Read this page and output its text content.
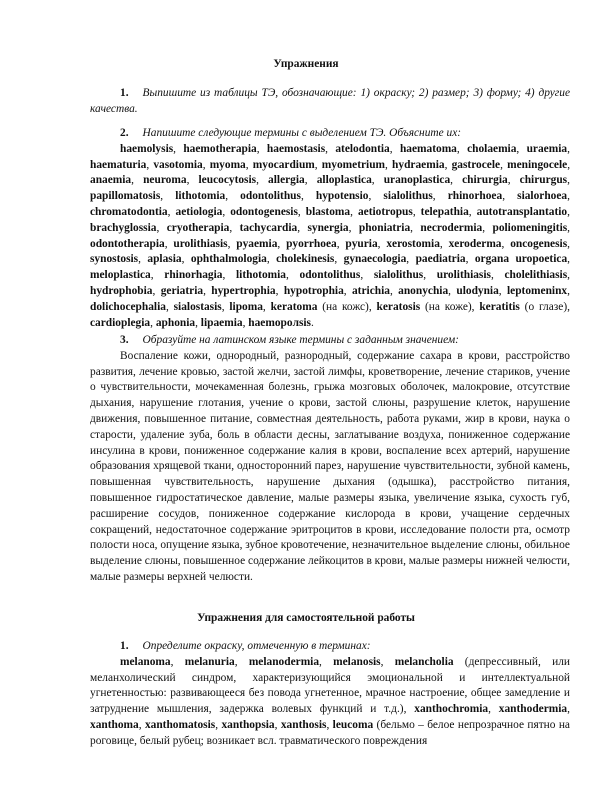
Упражнения

1. Выпишите из таблицы ТЭ, обозначающие: 1) окраску; 2) размер; 3) форму; 4) другие качества.

2. Напишите следующие термины с выделением ТЭ. Объясните их:

haemolysis, haemotherapia, haemostasis, atelodontia, haematoma, cholaemia, uraemia, haematuria, vasotomia, myoma, myocardium, myometrium, hydraemia, gastrocele, meningocele, anaemia, neuroma, leucocytosis, allergia, alloplastica, uranoplastica, chirurgia, chirurgus, papillomatosis, lithotomia, odontolithus, hypotensio, sialolithus, rhinorhoea, sialorhoea, chromatodontia, aetiologia, odontogenesis, blastoma, aetiotropus, telepathia, autotransplantatio, brachyglossia, cryotherapia, tachycardia, synergia, phoniatria, necrodermia, poliomeningitis, odontotherapia, urolithiasis, pyaemia, pyorrhoea, pyuria, xerostomia, xeroderma, oncogenesis, synostosis, aplasia, ophthalmologia, cholekinesis, gynaecologia, paediatria, organa uropoetica, meloplastica, rhinorhagia, lithotomia, odontolithus, sialolithus, urolithiasis, cholelithiasis, hydrophobia, geriatria, hypertrophia, hypotrophia, atrichia, anonychia, ulodynia, leptomeninx, dolichocephalia, sialostasis, lipoma, keratoma (на кожс), keratosis (на коже), keratitis (о глазе), cardioplegia, aphonia, lipaemia, haemopoлsis.

3. Образуйте на латинском языке термины с заданным значением:

Воспаление кожи, однородный, разнородный, содержание сахара в крови, расстройство развития, лечение кровью, застой желчи, застой лимфы, кроветворение, лечение стариков, учение о чувствительности, мочекаменная болезнь, грыжа мозговых оболочек, малокровие, отсутствие дыхания, нарушение глотания, учение о крови, застой слюны, разрушение клеток, нарушение движения, повышенное питание, совместная деятельность, работа руками, жир в крови, наука о старости, удаление зуба, боль в области десны, заглатывание воздуха, пониженное содержание инсулина в крови, пониженное содержание калия в крови, воспаление всех артерий, нарушение образования хрящевой ткани, односторонний парез, нарушение чувствительности, зубной камень, повышенная чувствительность, нарушение дыхания (одышка), расстройство питания, повышенное гидростатическое давление, малые размеры языка, увеличение языка, сухость губ, расширение сосудов, пониженное содержание кислорода в крови, учащение сердечных сокращений, недостаточное содержание эритроцитов в крови, исследование полости рта, осмотр полости носа, опущение языка, зубное кровотечение, незначительное выделение слюны, обильное выделение слюны, повышенное содержание лейкоцитов в крови, малые размеры нижней челюсти, малые размеры верхней челюсти.

Упражнения для самостоятельной работы

1. Определите окраску, отмеченную в терминах:

melanoma, melanuria, melanodermia, melanosis, melancholia (депрессивный, или меланхолический синдром, характеризующийся эмоциональной и интеллектуальной угнетенностью: развивающееся без повода угнетенное, мрачное настроение, общее замедление и затруднение мышления, задержка волевых функций и т.д.), xanthochromia, xanthodermia, xanthoma, xanthomatosis, xanthopsia, xanthosis, leucoma (бельмо – белое непрозрачное пятно на роговице, белый рубец; возникает всл. травматического повреждения
